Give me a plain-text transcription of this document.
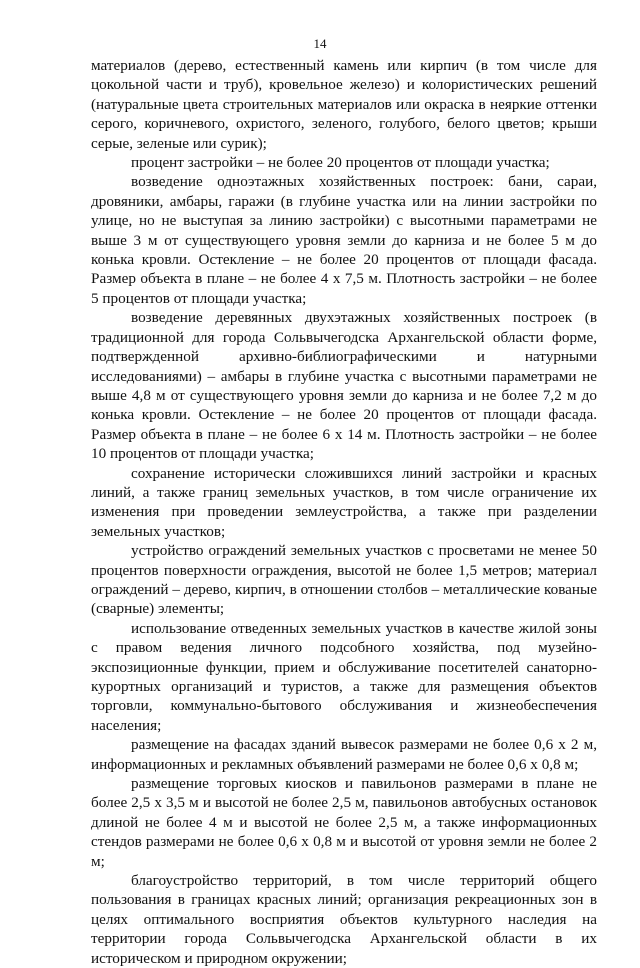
14

материалов (дерево, естественный камень или кирпич (в том числе для цокольной части и труб), кровельное железо) и колористических решений (натуральные цвета строительных материалов или окраска в неяркие оттенки серого, коричневого, охристого, зеленого, голубого, белого цветов; крыши серые, зеленые или сурик);

процент застройки – не более 20 процентов от площади участка;

возведение одноэтажных хозяйственных построек: бани, сараи, дровяники, амбары, гаражи (в глубине участка или на линии застройки по улице, но не выступая за линию застройки) с высотными параметрами не выше 3 м от существующего уровня земли до карниза и не более 5 м до конька кровли. Остекление – не более 20 процентов от площади фасада. Размер объекта в плане – не более 4 х 7,5 м. Плотность застройки – не более 5 процентов от площади участка;

возведение деревянных двухэтажных хозяйственных построек (в традиционной для города Сольвычегодска Архангельской области форме, подтвержденной архивно-библиографическими и натурными исследованиями) – амбары в глубине участка с высотными параметрами не выше 4,8 м от существующего уровня земли до карниза и не более 7,2 м до конька кровли. Остекление – не более 20 процентов от площади фасада. Размер объекта в плане – не более 6 х 14 м. Плотность застройки – не более 10 процентов от площади участка;

сохранение исторически сложившихся линий застройки и красных линий, а также границ земельных участков, в том числе ограничение их изменения при проведении землеустройства, а также при разделении земельных участков;

устройство ограждений земельных участков с просветами не менее 50 процентов поверхности ограждения, высотой не более 1,5 метров; материал ограждений – дерево, кирпич, в отношении столбов – металлические кованые (сварные) элементы;

использование отведенных земельных участков в качестве жилой зоны с правом ведения личного подсобного хозяйства, под музейно-экспозиционные функции, прием и обслуживание посетителей санаторно-курортных организаций и туристов, а также для размещения объектов торговли, коммунально-бытового обслуживания и жизнеобеспечения населения;

размещение на фасадах зданий вывесок размерами не более 0,6 х 2 м, информационных и рекламных объявлений размерами не более 0,6 х 0,8 м;

размещение торговых киосков и павильонов размерами в плане не более 2,5 х 3,5 м и высотой не более 2,5 м, павильонов автобусных остановок длиной не более 4 м и высотой не более 2,5 м, а также информационных стендов размерами не более 0,6 х 0,8 м и высотой от уровня земли не более 2 м;

благоустройство территорий, в том числе территорий общего пользования в границах красных линий; организация рекреационных зон в целях оптимального восприятия объектов культурного наследия на территории города Сольвычегодска Архангельской области в их историческом и природном окружении;
